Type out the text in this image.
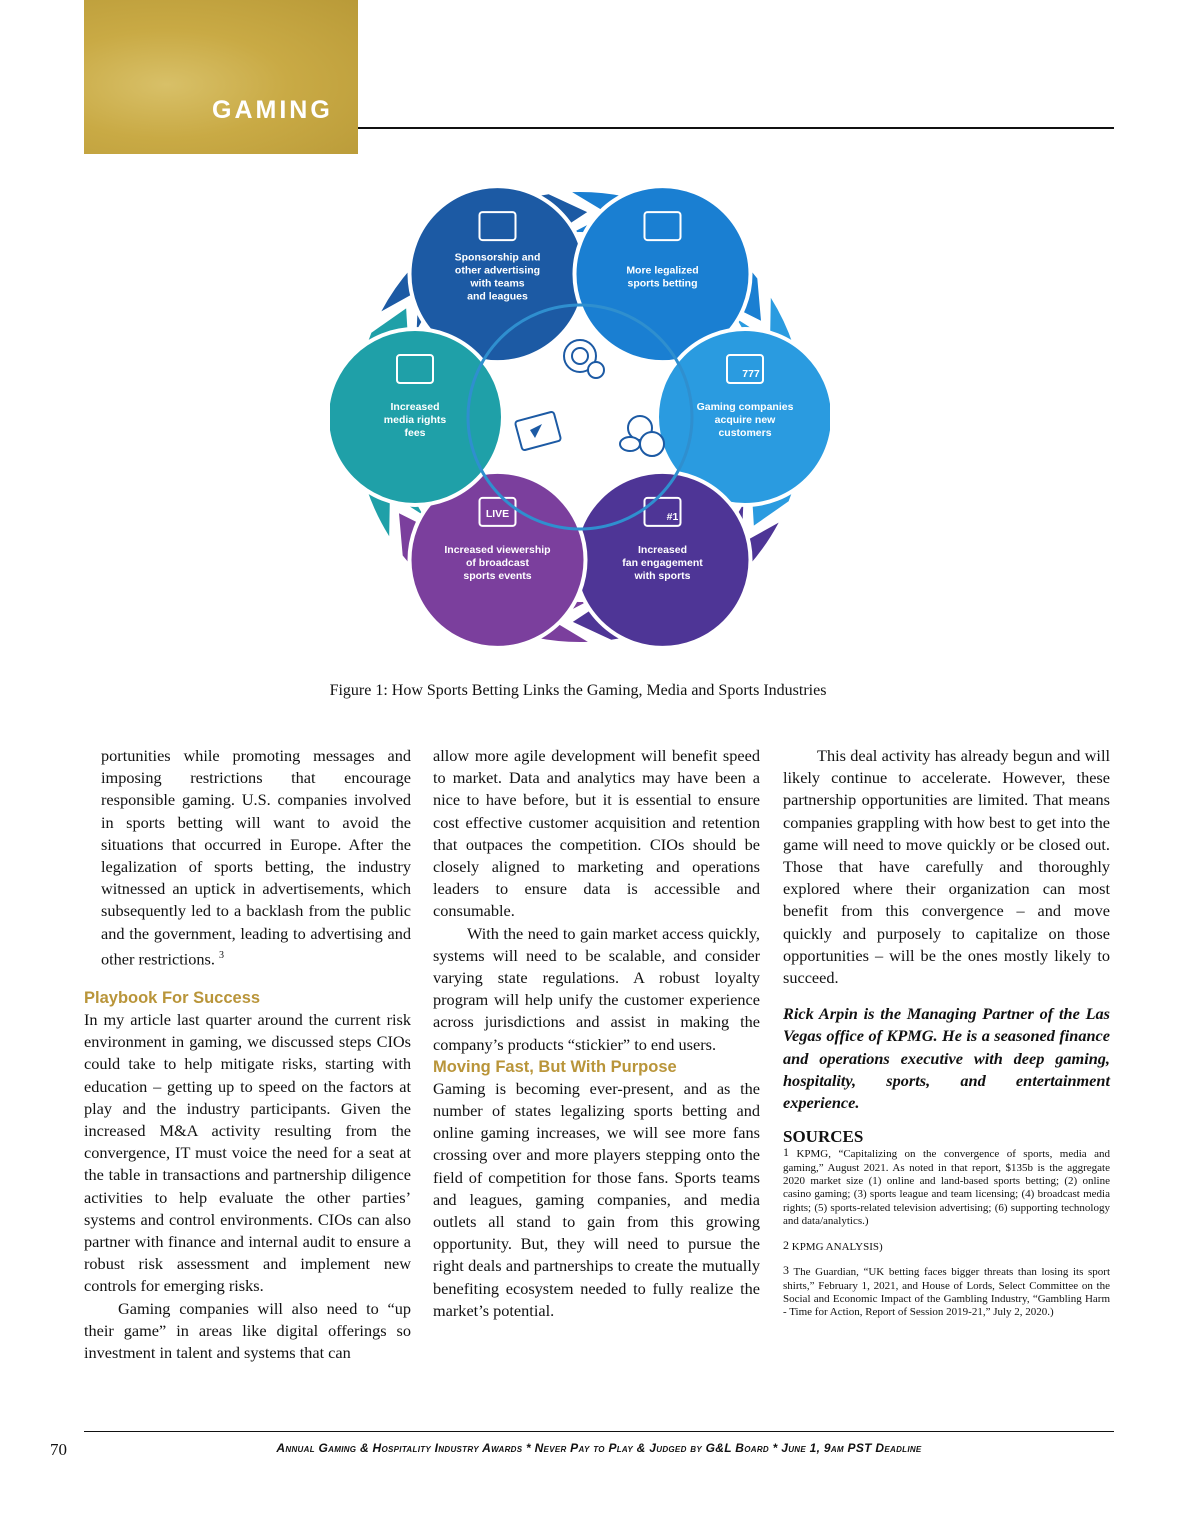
GAMING
Sponsorship and other advertising with teams and leagues
More legalized sports betting
Gaming companies acquire new customers
Increased fan engagement with sports
Increased viewership of broadcast sports events
Increased media rights fees
LIVE	#1
777
Figure 1: How Sports Betting Links the Gaming, Media and Sports Industries

portunities while promoting messages and imposing restrictions that encourage responsible gaming. U.S. companies involved in sports betting will want to avoid the situations that occurred in Europe. After the legalization of sports betting, the industry witnessed an uptick in advertisements, which subsequently led to a backlash from the public and the government, leading to advertising and other restrictions. $^3$

Playbook For Success

In my article last quarter around the current risk environment in gaming, we discussed steps CIOs could take to help mitigate risks, starting with education – getting up to speed on the factors at play and the industry participants. Given the increased M&A activity resulting from the convergence, IT must voice the need for a seat at the table in transactions and partnership diligence activities to help evaluate the other parties’ systems and control environments. CIOs can also partner with finance and internal audit to ensure a robust risk assessment and implement new controls for emerging risks.

Gaming companies will also need to “up their game” in areas like digital offerings so investment in talent and systems that can

allow more agile development will benefit speed to market. Data and analytics may have been a nice to have before, but it is essential to ensure cost effective customer acquisition and retention that outpaces the competition. CIOs should be closely aligned to marketing and operations leaders to ensure data is accessible and consumable.

With the need to gain market access quickly, systems will need to be scalable, and consider varying state regulations. A robust loyalty program will help unify the customer experience across jurisdictions and assist in making the company’s products “stickier” to end users.

Moving Fast, But With Purpose

Gaming is becoming ever-present, and as the number of states legalizing sports betting and online gaming increases, we will see more fans crossing over and more players stepping onto the field of competition for those fans. Sports teams and leagues, gaming companies, and media outlets all stand to gain from this growing opportunity. But, they will need to pursue the right deals and partnerships to create the mutually benefiting ecosystem needed to fully realize the market’s potential.

This deal activity has already begun and will likely continue to accelerate. However, these partnership opportunities are limited. That means companies grappling with how best to get into the game will need to move quickly or be closed out. Those that have carefully and thoroughly explored where their organization can most benefit from this convergence – and move quickly and purposely to capitalize on those opportunities – will be the ones mostly likely to succeed.

Rick Arpin is the Managing Partner of the Las Vegas office of KPMG. He is a seasoned finance and operations executive with deep gaming, hospitality, sports, and entertainment experience.

SOURCES

$^1$ KPMG, “Capitalizing on the convergence of sports, media and gaming,” August 2021. As noted in that report, $135b is the aggregate 2020 market size (1) online and land-based sports betting; (2) online casino gaming; (3) sports league and team licensing; (4) broadcast media rights; (5) sports-related television advertising; (6) supporting technology and data/analytics.)

$^2$ KPMG ANALYSIS)

$^3$ The Guardian, “UK betting faces bigger threats than losing its sport shirts,” February 1, 2021, and House of Lords, Select Committee on the Social and Economic Impact of the Gambling Industry, “Gambling Harm - Time for Action, Report of Session 2019-21,” July 2, 2020.)

70	Annual Gaming & Hospitality Industry Awards * Never Pay to Play & Judged by G&L Board * June 1, 9am PST Deadline
